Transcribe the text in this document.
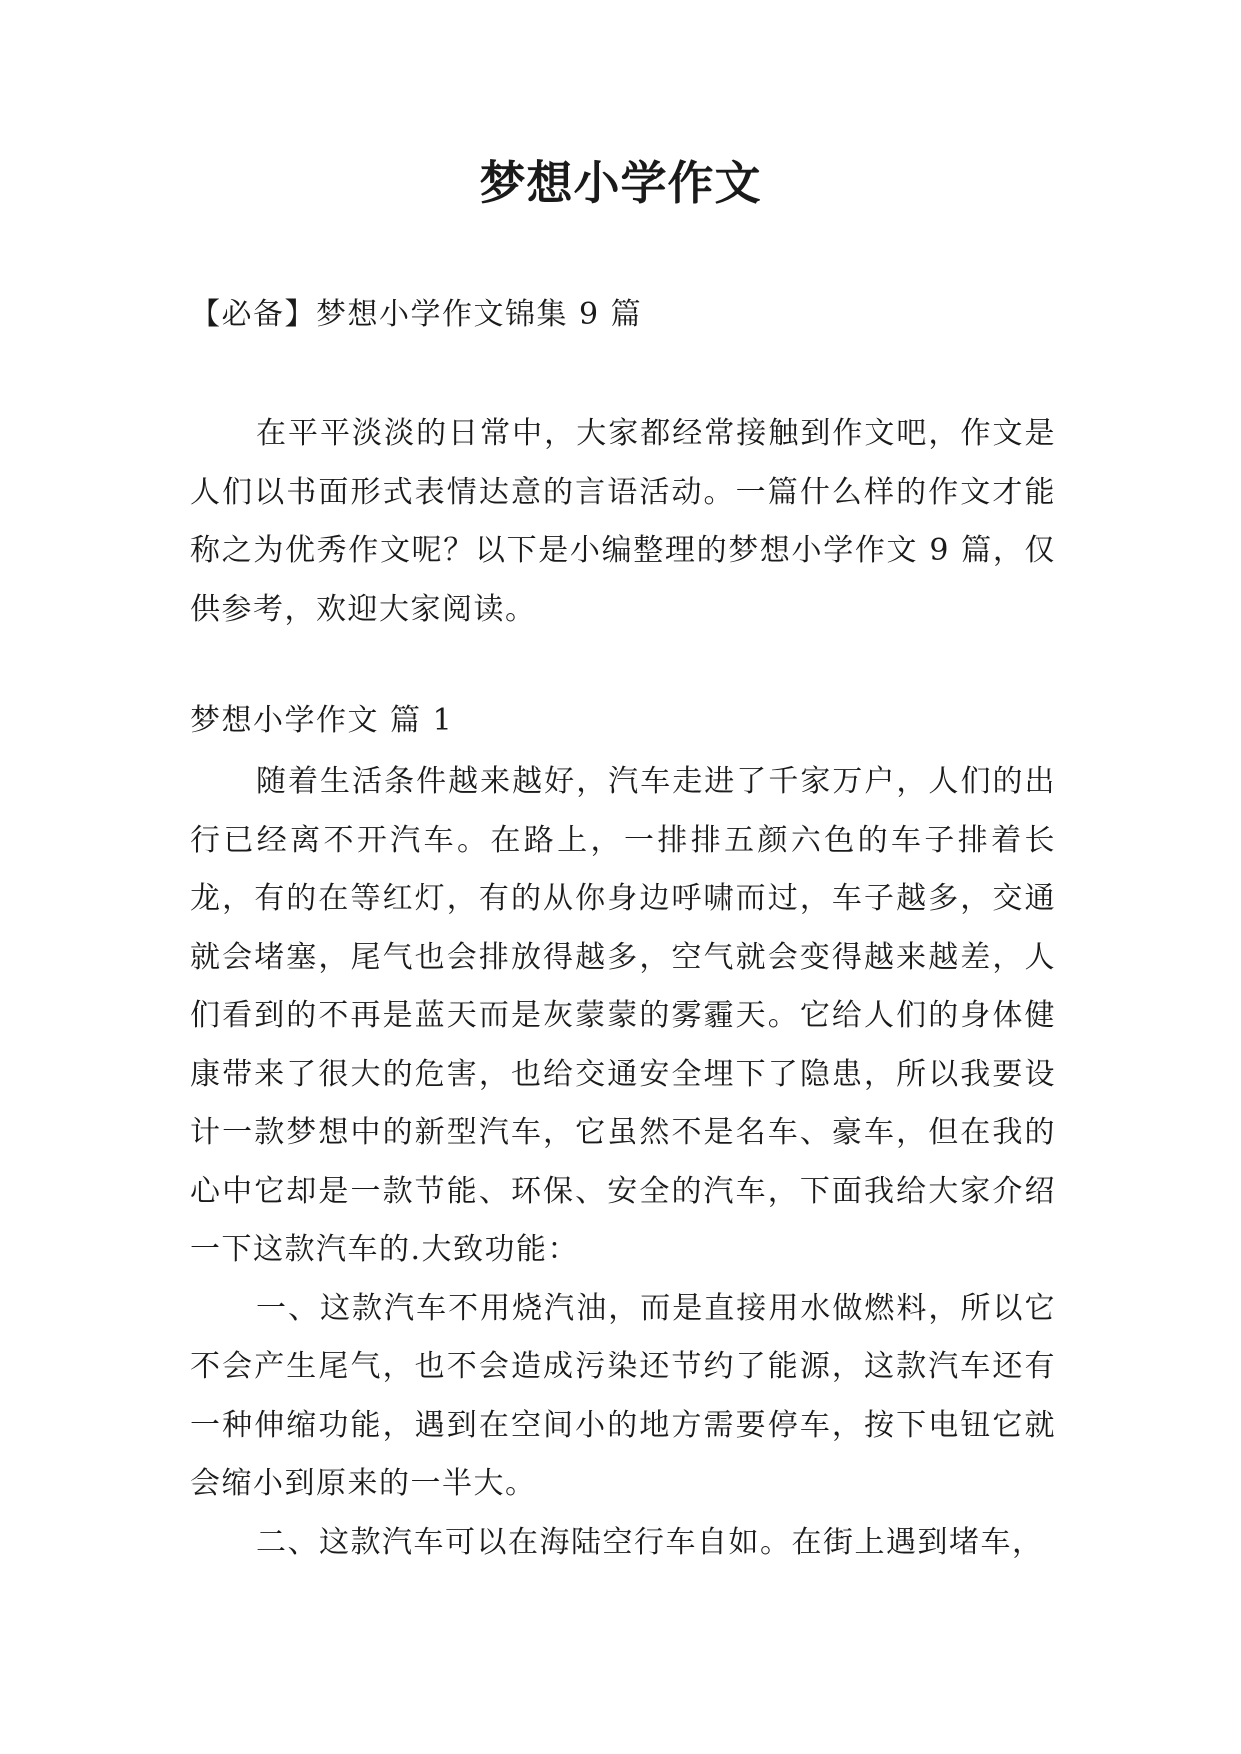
梦想小学作文
【必备】梦想小学作文锦集 9 篇
在平平淡淡的日常中，大家都经常接触到作文吧，作文是人们以书面形式表情达意的言语活动。一篇什么样的作文才能称之为优秀作文呢？以下是小编整理的梦想小学作文 9 篇，仅供参考，欢迎大家阅读。
梦想小学作文 篇 1

随着生活条件越来越好，汽车走进了千家万户，人们的出行已经离不开汽车。在路上，一排排五颜六色的车子排着长龙，有的在等红灯，有的从你身边呼啸而过，车子越多，交通就会堵塞，尾气也会排放得越多，空气就会变得越来越差，人们看到的不再是蓝天而是灰蒙蒙的雾霾天。它给人们的身体健康带来了很大的危害，也给交通安全埋下了隐患，所以我要设计一款梦想中的新型汽车，它虽然不是名车、豪车，但在我的心中它却是一款节能、环保、安全的汽车，下面我给大家介绍一下这款汽车的.大致功能：

一、这款汽车不用烧汽油，而是直接用水做燃料，所以它不会产生尾气，也不会造成污染还节约了能源，这款汽车还有一种伸缩功能，遇到在空间小的地方需要停车，按下电钮它就会缩小到原来的一半大。

二、这款汽车可以在海陆空行车自如。在街上遇到堵车，
